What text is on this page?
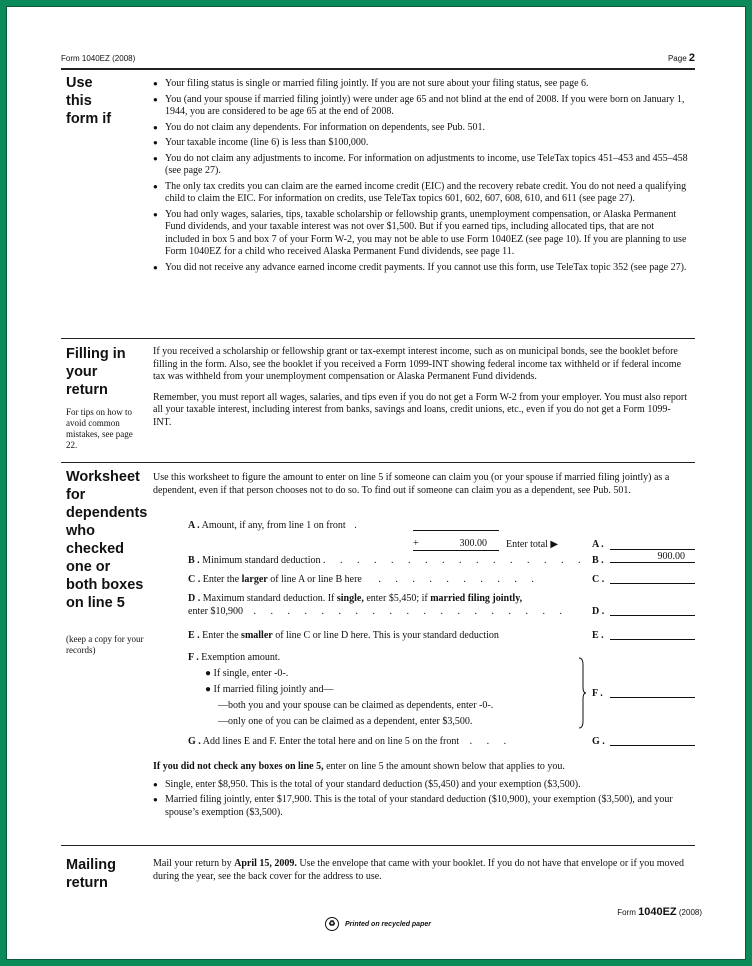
Form 1040EZ (2008)	Page 2
Use
this
form if
● Your filing status is single or married filing jointly. If you are not sure about your filing status, see page 6.
● You (and your spouse if married filing jointly) were under age 65 and not blind at the end of 2008. If you were born on January 1, 1944, you are considered to be age 65 at the end of 2008.
● You do not claim any dependents. For information on dependents, see Pub. 501.
● Your taxable income (line 6) is less than $100,000.
● You do not claim any adjustments to income. For information on adjustments to income, use TeleTax topics 451–453 and 455–458 (see page 27).
● The only tax credits you can claim are the earned income credit (EIC) and the recovery rebate credit. You do not need a qualifying child to claim the EIC. For information on credits, use TeleTax topics 601, 602, 607, 608, 610, and 611 (see page 27).
● You had only wages, salaries, tips, taxable scholarship or fellowship grants, unemployment compensation, or Alaska Permanent Fund dividends, and your taxable interest was not over $1,500. But if you earned tips, including allocated tips, that are not included in box 5 and box 7 of your Form W-2, you may not be able to use Form 1040EZ (see page 10). If you are planning to use Form 1040EZ for a child who received Alaska Permanent Fund dividends, see page 11.
● You did not receive any advance earned income credit payments. If you cannot use this form, use TeleTax topic 352 (see page 27).
Filling in
your
return
For tips on how to avoid common mistakes, see page 22.

If you received a scholarship or fellowship grant or tax-exempt interest income, such as on municipal bonds, see the booklet before filling in the form. Also, see the booklet if you received a Form 1099-INT showing federal income tax withheld or if federal income tax was withheld from your unemployment compensation or Alaska Permanent Fund dividends.

Remember, you must report all wages, salaries, and tips even if you do not get a Form W-2 from your employer. You must also report all your taxable interest, including interest from banks, savings and loans, credit unions, etc., even if you do not get a Form 1099-INT.

Worksheet
for
dependents
who
checked
one or
both boxes
on line 5
(keep a copy for your records)
Use this worksheet to figure the amount to enter on line 5 if someone can claim you (or your spouse if married filing jointly) as a dependent, even if that person chooses not to do so. To find out if someone can claim you as a dependent, see Pub. 501.
A . Amount, if any, from line 1 on front .
+	300.00 Enter total ▶	A .
B . Minimum standard deduction . . . . . . . . . . . . . . . . B .	900.00
C . Enter the larger of line A or line B here . . . . . . . . . .	C .
D . Maximum standard deduction. If single, enter $5,450; if married filing jointly,
enter $10,900 . . . . . . . . . . . . . . . . . . . D .
E . Enter the smaller of line C or line D here. This is your standard deduction	E .
F . Exemption amount.
● If single, enter -0-.
● If married filing jointly and—
—both you and your spouse can be claimed as dependents, enter -0-.
—only one of you can be claimed as a dependent, enter $3,500.
F .
G . Add lines E and F. Enter the total here and on line 5 on the front . . .	G .

If you did not check any boxes on line 5, enter on line 5 the amount shown below that applies to you.

● Single, enter $8,950. This is the total of your standard deduction ($5,450) and your exemption ($3,500).
● Married filing jointly, enter $17,900. This is the total of your standard deduction ($10,900), your exemption ($3,500), and your spouse’s exemption ($3,500).
Mailing
return
Mail your return by April 15, 2009. Use the envelope that came with your booklet. If you do not have that envelope or if you moved during the year, see the back cover for the address to use.
Form 1040EZ (2008)
♻ Printed on recycled paper
